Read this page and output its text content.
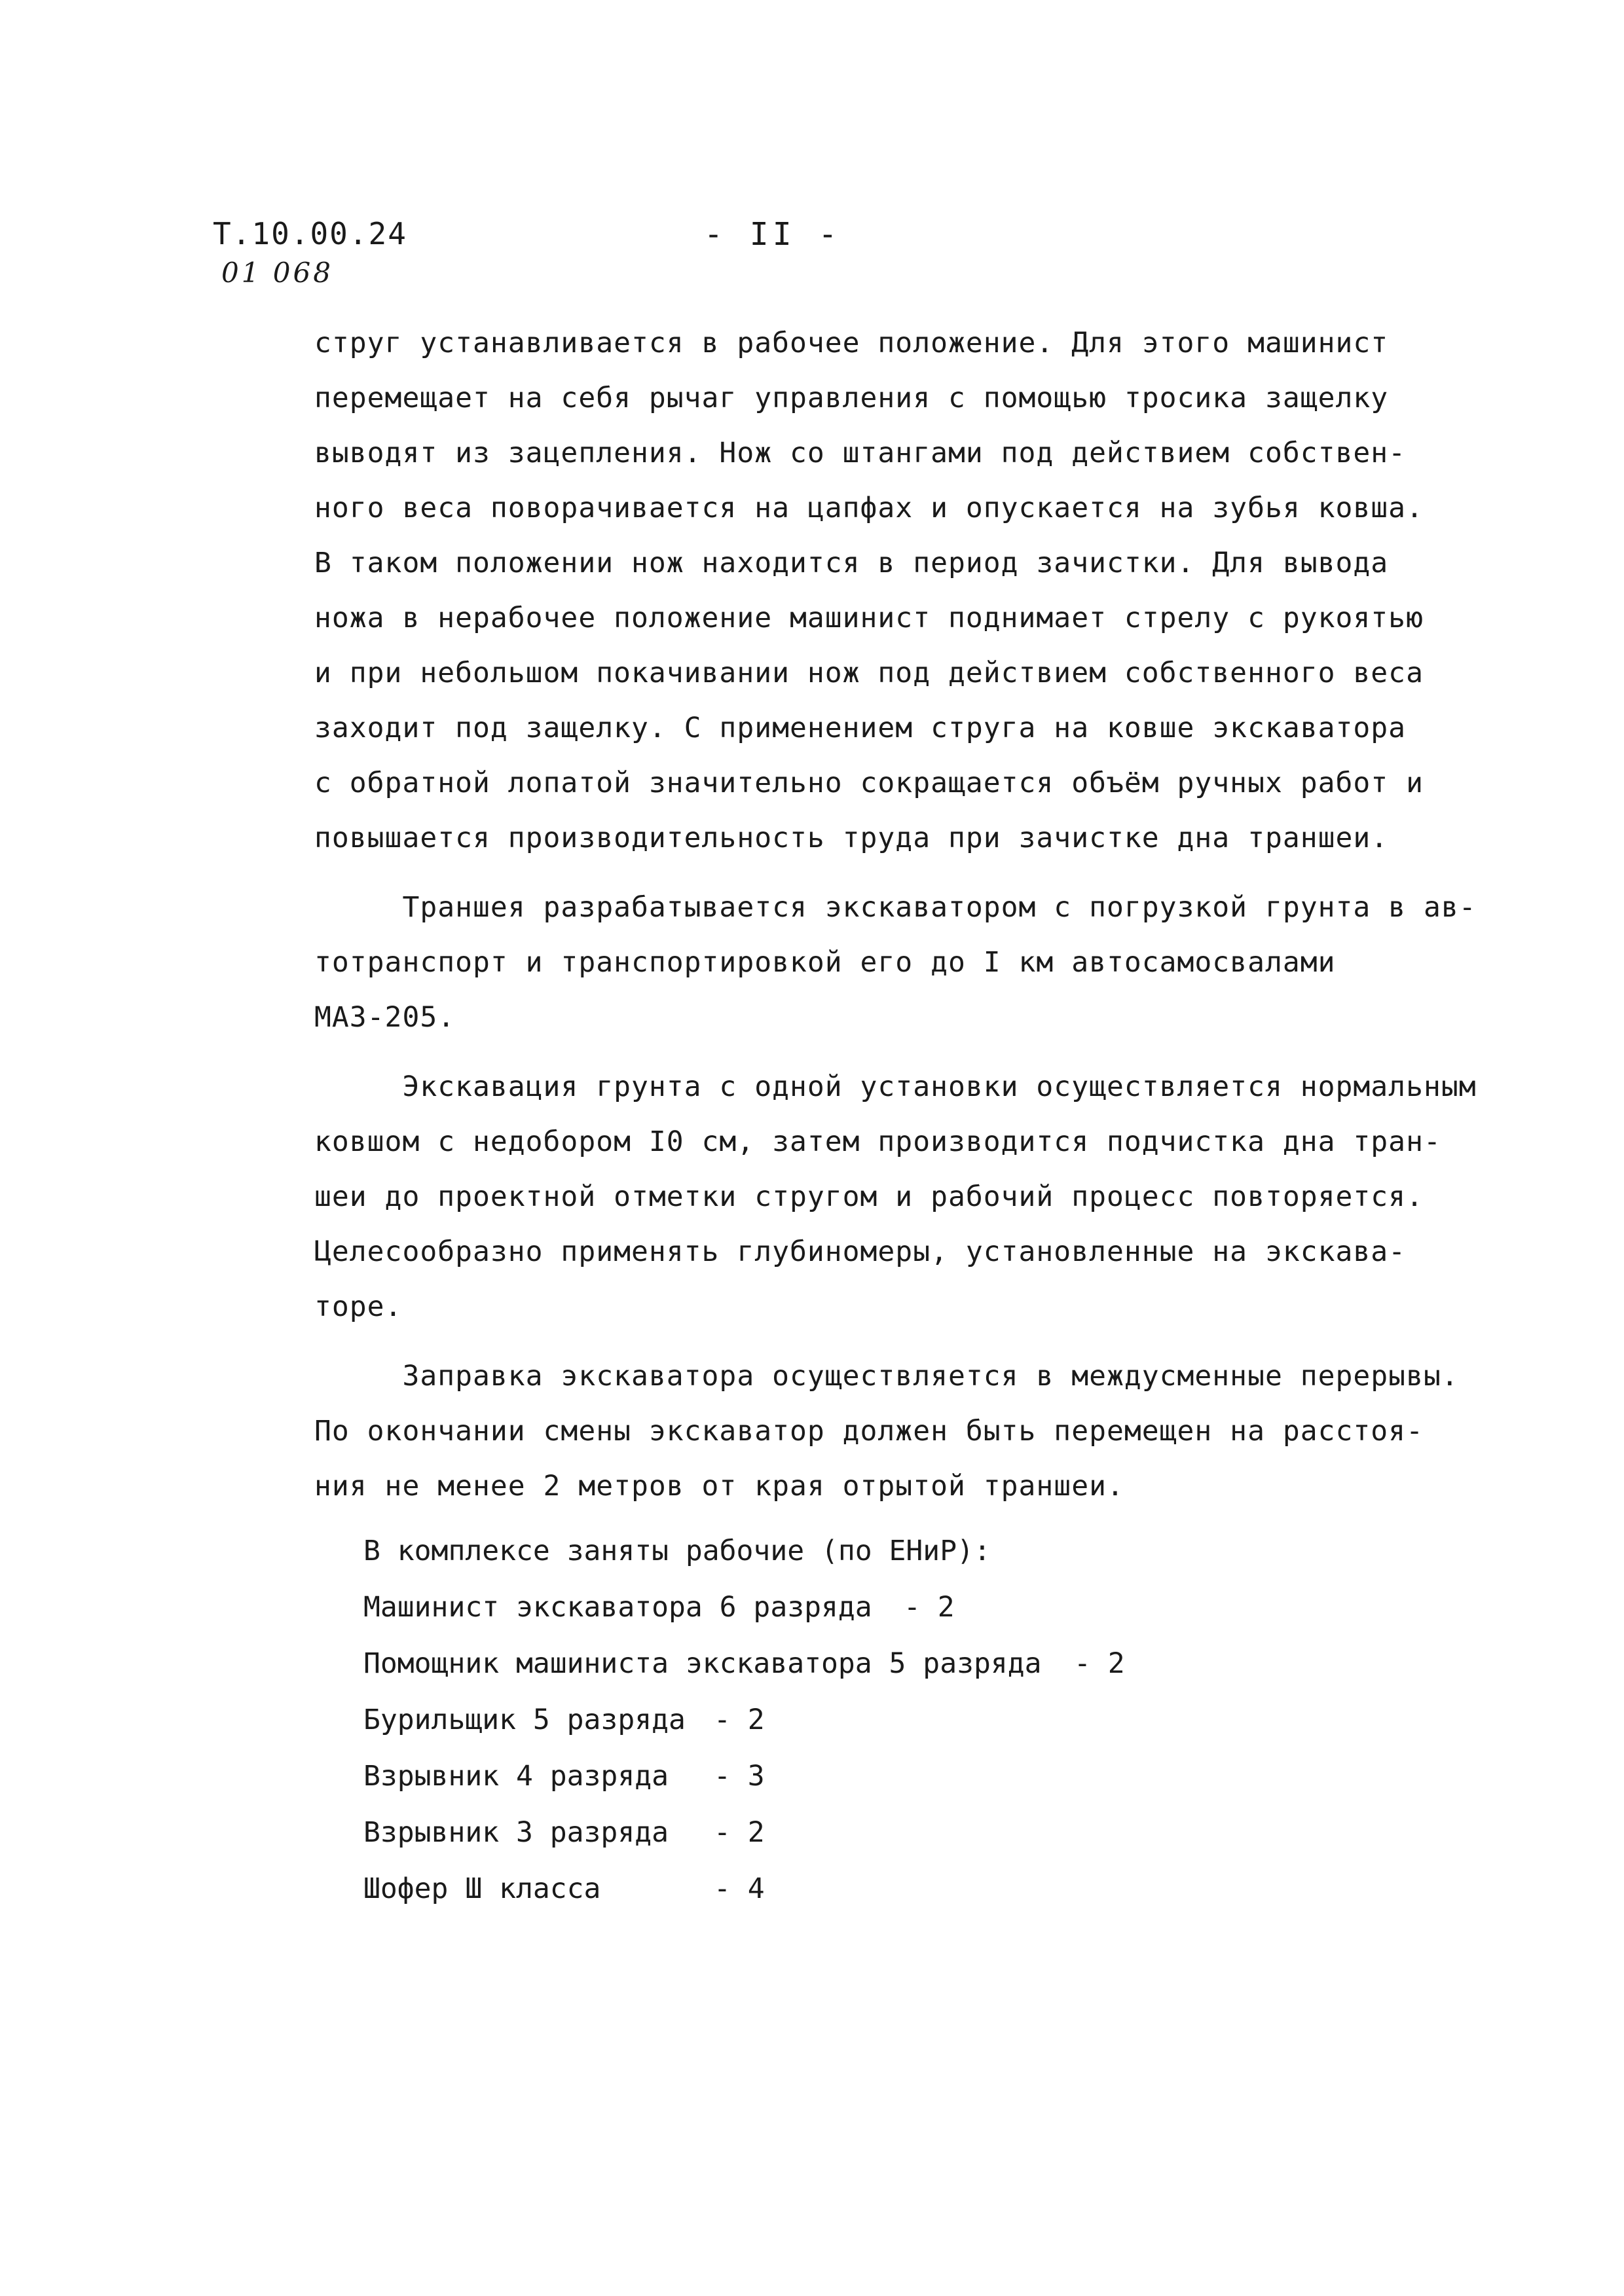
Т.10.00.24
01 068
- II -
струг устанавливается в рабочее положение. Для этого машинист
перемещает на себя рычаг управления с помощью тросика защелку
выводят из зацепления. Нож со штангами под действием собствен-
ного веса поворачивается на цапфах и опускается на зубья ковша.
В таком положении нож находится в период зачистки. Для вывода
ножа в нерабочее положение машинист поднимает стрелу с рукоятью
и при небольшом покачивании нож под действием собственного веса
заходит под защелку. С применением струга на ковше экскаватора
с обратной лопатой значительно сокращается объём ручных работ и
повышается производительность труда при зачистке дна траншеи.
Траншея разрабатывается экскаватором с погрузкой грунта в ав-
тотранспорт и транспортировкой его до I км автосамосвалами
МАЗ-205.
Экскавация грунта с одной установки осуществляется нормальным
ковшом с недобором I0 см, затем производится подчистка дна тран-
шеи до проектной отметки стругом и рабочий процесс повторяется.
Целесообразно применять глубиномеры, установленные на экскава-
торе.
Заправка экскаватора осуществляется в междусменные перерывы.
По окончании смены экскаватор должен быть перемещен на расстоя-
ния не менее 2 метров от края отрытой траншеи.
В комплексе заняты рабочие (по ЕНиР):
Машинист экскаватора 6 разряда - 2
Помощник машиниста экскаватора 5 разряда - 2
Бурильщик 5 разряда - 2
Взрывник 4 разряда - 3
Взрывник 3 разряда - 2
Шофер Ш класса	- 4
